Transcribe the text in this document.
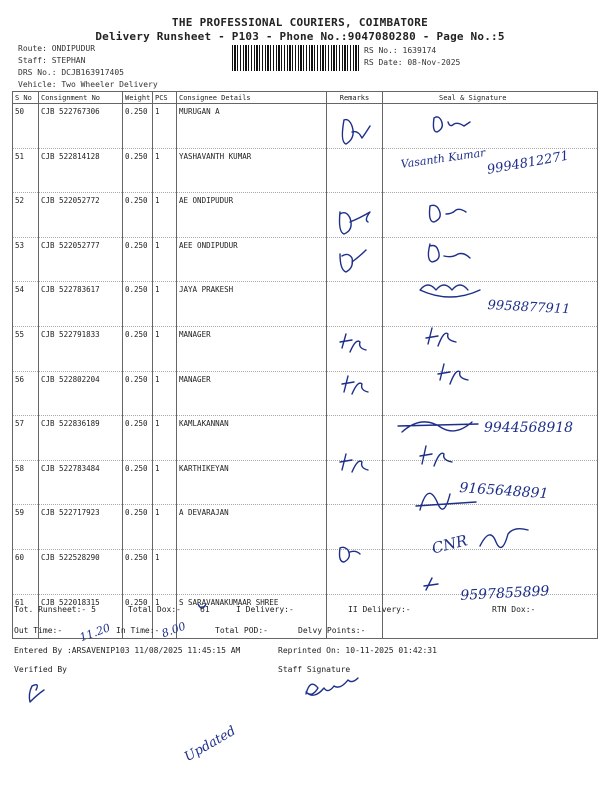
THE PROFESSIONAL COURIERS, COIMBATORE
Delivery Runsheet - P103 - Phone No.:9047080280 - Page No.:5
Route: ONDIPUDUR
Staff: STEPHAN
DRS No.: DCJB163917405
Vehicle: Two Wheeler Delivery
RS No.: 1639174
RS Date: 08-Nov-2025
S No	Consignment No	Weight	PCS	Consignee Details	Remarks	Seal & Signature
50	CJB 522767306	0.250	1	MURUGAN A		
51	CJB 522814128	0.250	1	YASHAVANTH KUMAR		
52	CJB 522052772	0.250	1	AE ONDIPUDUR		
53	CJB 522052777	0.250	1	AEE ONDIPUDUR		
54	CJB 522783617	0.250	1	JAYA PRAKESH		
55	CJB 522791833	0.250	1	MANAGER		
56	CJB 522802204	0.250	1	MANAGER		
57	CJB 522836189	0.250	1	KAMLAKANNAN		
58	CJB 522783484	0.250	1	KARTHIKEYAN		
59	CJB 522717923	0.250	1	A DEVARAJAN		
60	CJB 522528290	0.250	1			
61	CJB 522018315	0.250	1	S SARAVANAKUMAAR SHREE		
Tot. Runsheet:- 5	Total Dox:- 61	I Delivery:-	II Delivery:-	RTN Dox:-
Out Time:-	In Time:-	Total POD:-	Delvy Points:-
Entered By :ARSAVENIP103 11/08/2025 11:45:15 AM	Reprinted On: 10-11-2025 01:42:31
Verified By	Staff Signature
Vasanth Kumar 9994812271
9958877911
9944568918
9165648891
CNR
9597855899
11.20	8.00
Updated
